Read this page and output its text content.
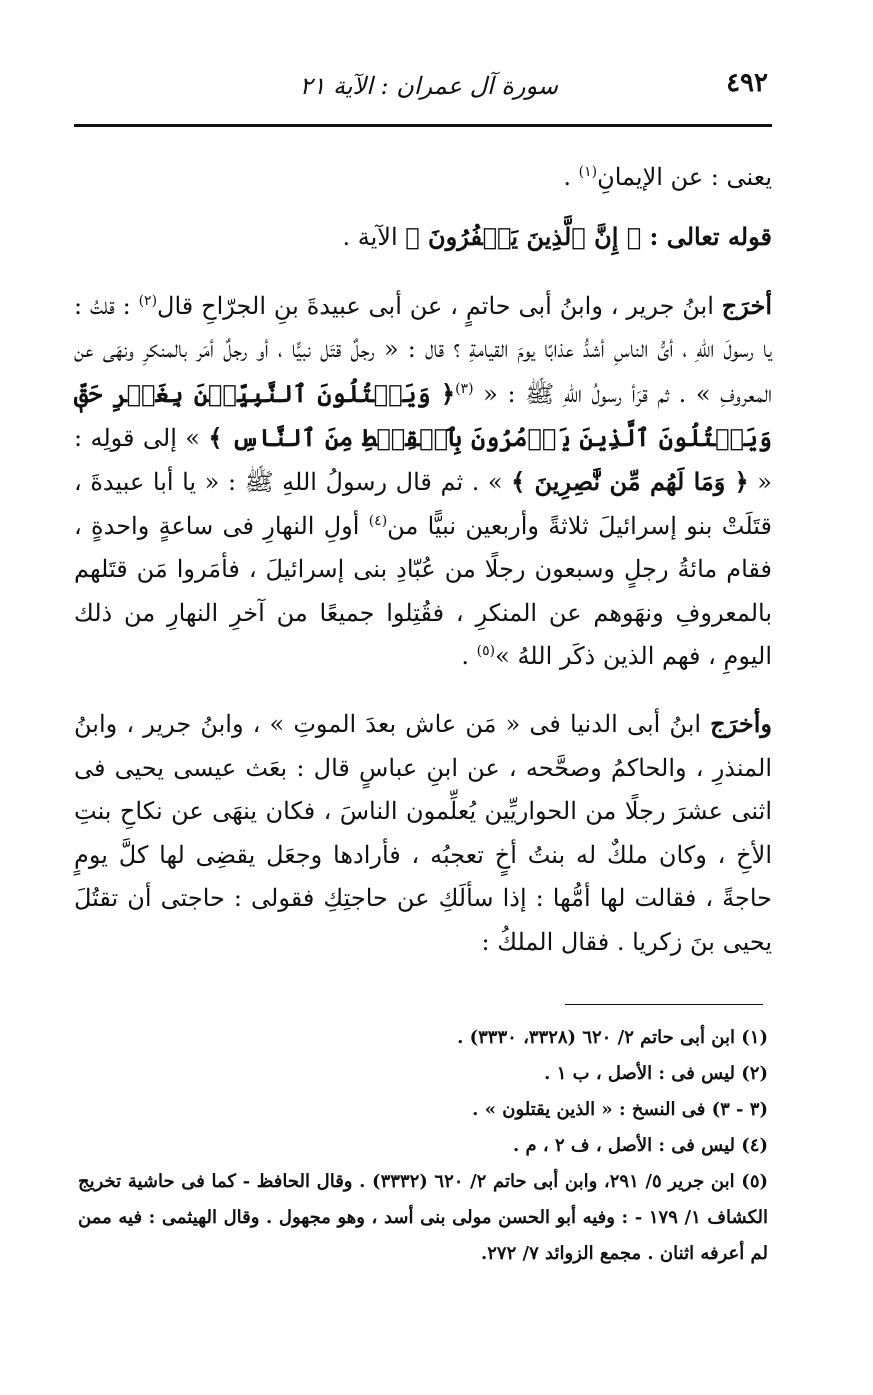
٤٩٢
سورة آل عمران : الآية ٢١

يعنى : عن الإيمانِ$^{(١)}$ .

قوله تعالى : ﴿ إِنَّ ٱلَّذِينَ يَكۡفُرُونَ ﴾ الآية .

أخرَج ابنُ جرير ، وابنُ أبى حاتمٍ ، عن أبى عبيدةَ بنِ الجرّاحِ قال$^{(٢)}$ : قلتُ : يا رسولَ اللهِ ، أىُّ الناسِ أشدُّ عذابًا يومَ القيامةِ ؟ قال : « رجلٌ قتَل نبيًّا ، أو رجلٌ أمَر بالمنكرِ ونهَى عن المعروفِ » . ثم قرَأ رسولُ اللهِ ﷺ : « $^{(٣)}$﴿ وَيَقۡتُلُونَ ٱلنَّبِيِّـۧنَ بِغَيۡرِ حَقّٖ وَيَقۡتُلُونَ ٱلَّذِينَ يَأۡمُرُونَ بِٱلۡقِسۡطِ مِنَ ٱلنَّاسِ ﴾ » إلى قولِه : « ﴿ وَمَا لَهُم مِّن نَّٰصِرِينَ ﴾ » . ثم قال رسولُ اللهِ ﷺ : « يا أبا عبيدةَ ، قتَلَتْ بنو إسرائيلَ ثلاثةً وأربعين نبيًّا من$^{(٤)}$ أولِ النهارِ فى ساعةٍ واحدةٍ ، فقام مائةُ رجلٍ وسبعون رجلًا من عُبّادِ بنى إسرائيلَ ، فأمَروا مَن قتَلهم بالمعروفِ ونهَوهم عن المنكرِ ، فقُتِلوا جميعًا من آخرِ النهارِ من ذلك اليومِ ، فهم الذين ذكَر اللهُ »$^{(٥)}$ .

وأخرَج ابنُ أبى الدنيا فى « مَن عاش بعدَ الموتِ » ، وابنُ جرير ، وابنُ المنذرِ ، والحاكمُ وصحَّحه ، عن ابنِ عباسٍ قال : بعَث عيسى يحيى فى اثنى عشرَ رجلًا من الحواريِّين يُعلِّمون الناسَ ، فكان ينهَى عن نكاحِ بنتِ الأخِ ، وكان ملكٌ له بنتُ أخٍ تعجبُه ، فأرادها وجعَل يقضِى لها كلَّ يومٍ حاجةً ، فقالت لها أمُّها : إذا سألَكِ عن حاجتِكِ فقولى : حاجتى أن تقتُلَ يحيى بنَ زكريا . فقال الملكُ :

(١) ابن أبى حاتم ٢/ ٦٢٠ (٣٣٢٨، ٣٣٣٠) .

(٢) ليس فى : الأصل ، ب ١ .

(٣ - ٣) فى النسخ : « الذين يقتلون » .

(٤) ليس فى : الأصل ، ف ٢ ، م .

(٥) ابن جرير ٥/ ٢٩١، وابن أبى حاتم ٢/ ٦٢٠ (٣٣٣٢) . وقال الحافظ - كما فى حاشية تخريج الكشاف ١/ ١٧٩ - : وفيه أبو الحسن مولى بنى أسد ، وهو مجهول . وقال الهيثمى : فيه ممن لم أعرفه اثنان . مجمع الزوائد ٧/ ٢٧٢.
